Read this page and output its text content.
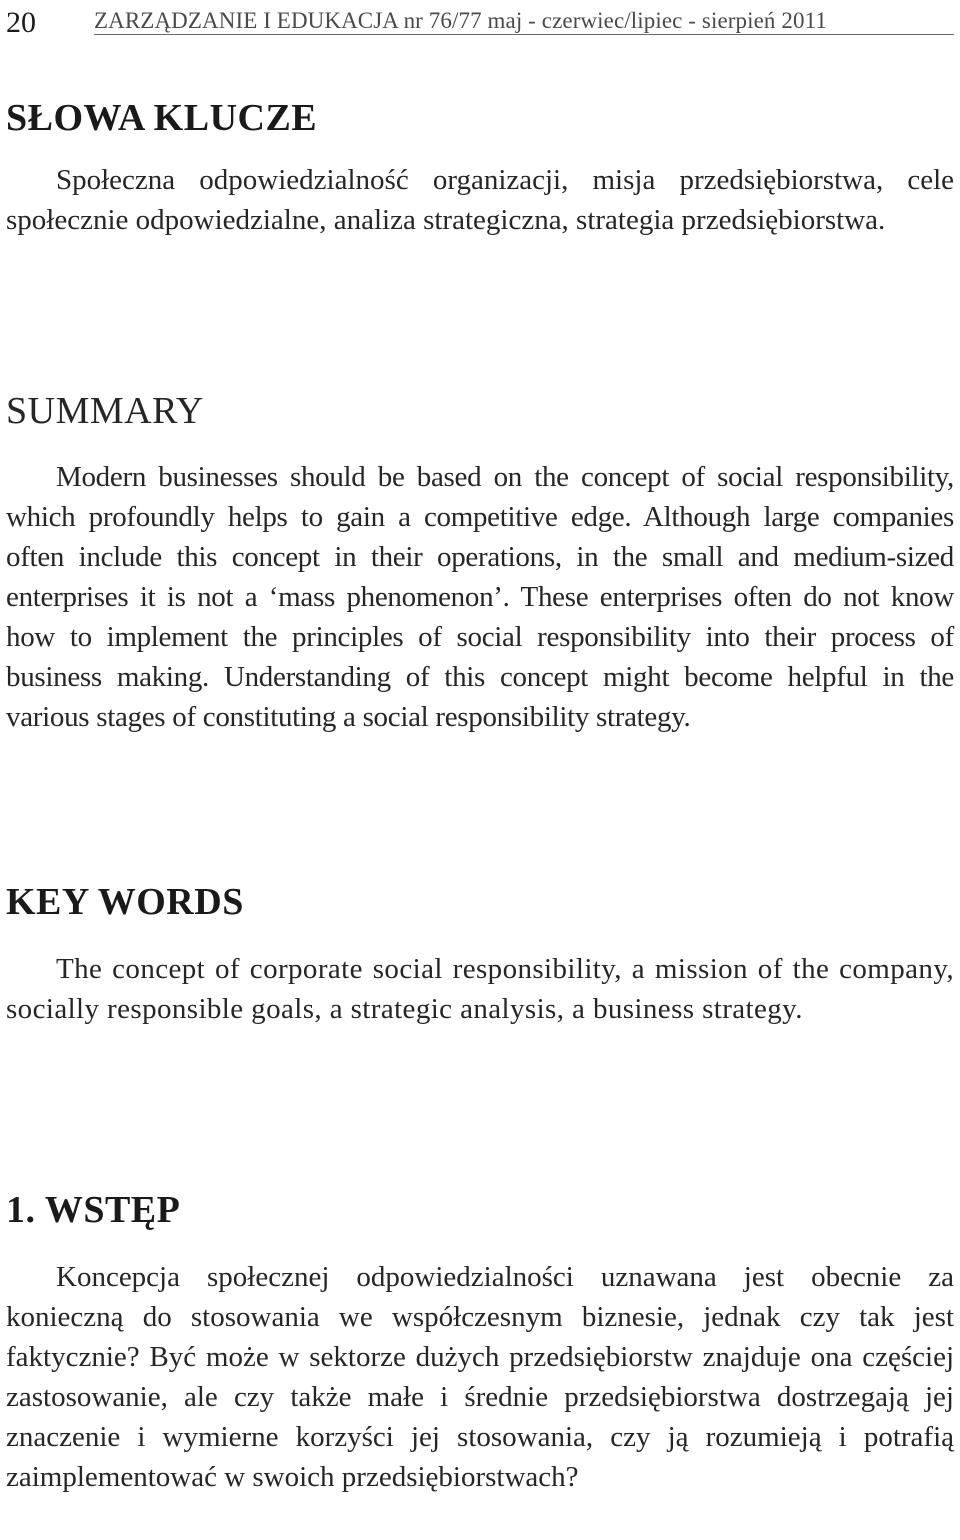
20	ZARZĄDZANIE I EDUKACJA nr 76/77 maj - czerwiec/lipiec - sierpień 2011
SŁOWA KLUCZE

Społeczna odpowiedzialność organizacji, misja przedsiębiorstwa, cele społecznie odpowiedzialne, analiza strategiczna, strategia przedsiębiorstwa.

SUMMARY

Modern businesses should be based on the concept of social responsibility, which profoundly helps to gain a competitive edge. Although large companies often include this concept in their operations, in the small and medium-sized enterprises it is not a ‘mass phenomenon’. These enterprises often do not know how to implement the principles of social responsibility into their process of business making. Understanding of this concept might become helpful in the various stages of constituting a social responsibility strategy.

KEY WORDS

The concept of corporate social responsibility, a mission of the company, socially responsible goals, a strategic analysis, a business strategy.

1. WSTĘP

Koncepcja społecznej odpowiedzialności uznawana jest obecnie za konieczną do stosowania we współczesnym biznesie, jednak czy tak jest faktycznie? Być może w sektorze dużych przedsiębiorstw znajduje ona częściej zastosowanie, ale czy także małe i średnie przedsiębiorstwa dostrzegają jej znaczenie i wymierne korzyści jej stosowania, czy ją rozumieją i potrafią zaimplementować w swoich przedsiębiorstwach?
